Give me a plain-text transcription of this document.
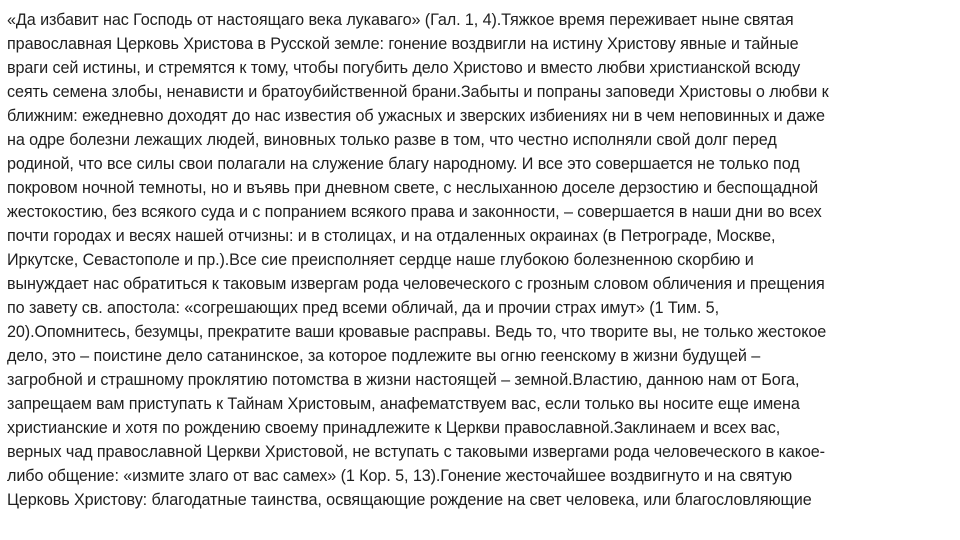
«Да избавит нас Господь от настоящаго века лукаваго» (Гал. 1, 4).Тяжкое время переживает ныне святая
православная Церковь Христова в Русской земле: гонение воздвигли на истину Христову явные и тайные
враги сей истины, и стремятся к тому, чтобы погубить дело Христово и вместо любви христианской всюду
сеять семена злобы, ненависти и братоубийственной брани.Забыты и попраны заповеди Христовы о любви к
ближним: ежедневно доходят до нас известия об ужасных и зверских избиениях ни в чем неповинных и даже
на одре болезни лежащих людей, виновных только разве в том, что честно исполняли свой долг перед
родиной, что все силы свои полагали на служение благу народному. И все это совершается не только под
покровом ночной темноты, но и въявь при дневном свете, с неслыханною доселе дерзостию и беспощадной
жестокостию, без всякого суда и с попранием всякого права и законности, – совершается в наши дни во всех
почти городах и весях нашей отчизны: и в столицах, и на отдаленных окраинах (в Петрограде, Москве,
Иркутске, Севастополе и пр.).Все сие преисполняет сердце наше глубокою болезненною скорбию и
вынуждает нас обратиться к таковым извергам рода человеческого с грозным словом обличения и прещения
по завету св. апостола: «согрешающих пред всеми обличай, да и прочии страх имут» (1 Тим. 5,
20).Опомнитесь, безумцы, прекратите ваши кровавые расправы. Ведь то, что творите вы, не только жестокое
дело, это – поистине дело сатанинское, за которое подлежите вы огню геенскому в жизни будущей –
загробной и страшному проклятию потомства в жизни настоящей – земной.Властию, данною нам от Бога,
запрещаем вам приступать к Тайнам Христовым, анафематствуем вас, если только вы носите еще имена
христианские и хотя по рождению своему принадлежите к Церкви православной.Заклинаем и всех вас,
верных чад православной Церкви Христовой, не вступать с таковыми извергами рода человеческого в какое-
либо общение: «измите злаго от вас самех» (1 Кор. 5, 13).Гонение жесточайшее воздвигнуто и на святую
Церковь Христову: благодатные таинства, освящающие рождение на свет человека, или благословляющие
